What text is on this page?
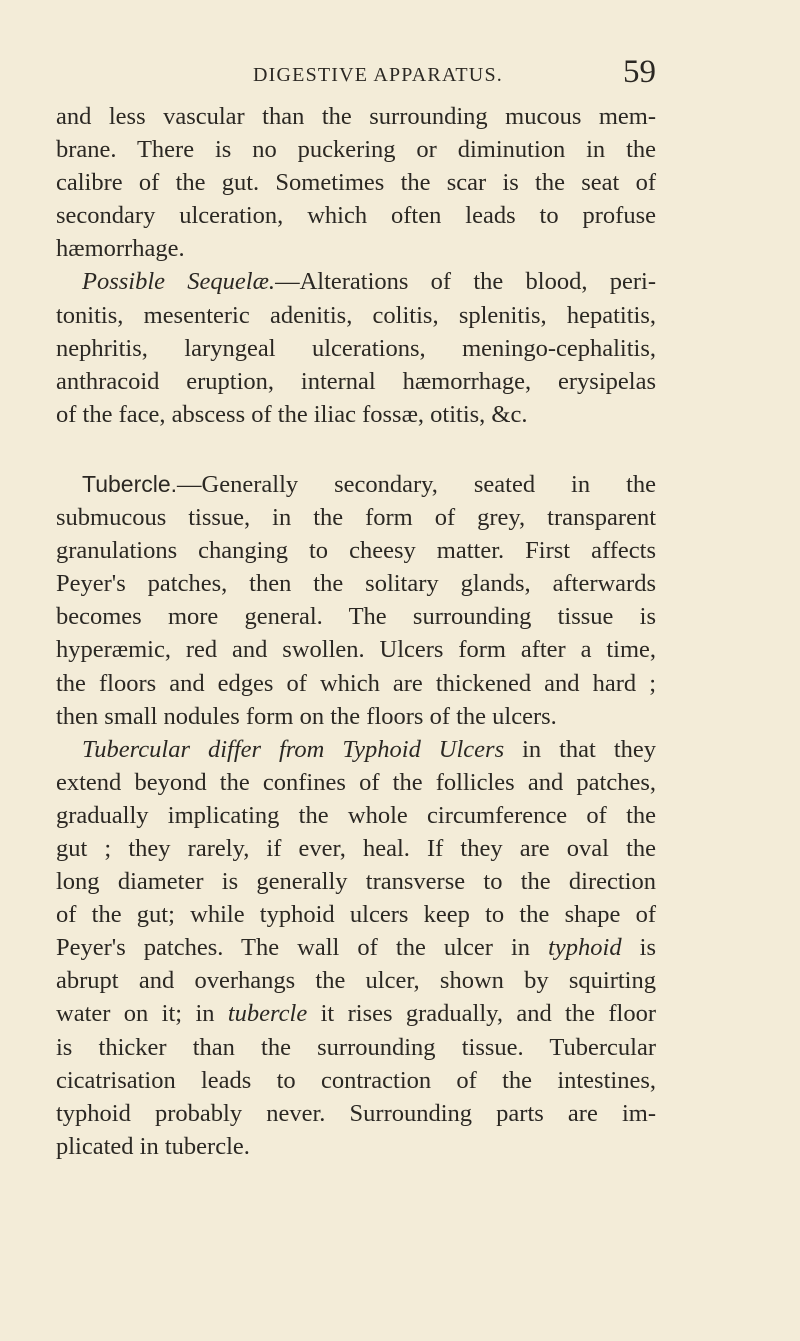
DIGESTIVE APPARATUS.	59
and less vascular than the surrounding mucous mem-
brane. There is no puckering or diminution in the
calibre of the gut. Sometimes the scar is the seat of
secondary ulceration, which often leads to profuse
hæmorrhage.
Possible Sequelæ.—Alterations of the blood, peri-
tonitis, mesenteric adenitis, colitis, splenitis, hepatitis,
nephritis, laryngeal ulcerations, meningo-cephalitis,
anthracoid eruption, internal hæmorrhage, erysipelas
of the face, abscess of the iliac fossæ, otitis, &c.
Tubercle.—Generally secondary, seated in the
submucous tissue, in the form of grey, transparent
granulations changing to cheesy matter. First affects
Peyer's patches, then the solitary glands, afterwards
becomes more general. The surrounding tissue is
hyperæmic, red and swollen. Ulcers form after a time,
the floors and edges of which are thickened and hard ;
then small nodules form on the floors of the ulcers.
Tubercular differ from Typhoid Ulcers in that they
extend beyond the confines of the follicles and patches,
gradually implicating the whole circumference of the
gut ; they rarely, if ever, heal. If they are oval the
long diameter is generally transverse to the direction
of the gut; while typhoid ulcers keep to the shape of
Peyer's patches. The wall of the ulcer in typhoid is
abrupt and overhangs the ulcer, shown by squirting
water on it; in tubercle it rises gradually, and the floor
is thicker than the surrounding tissue. Tubercular
cicatrisation leads to contraction of the intestines,
typhoid probably never. Surrounding parts are im-
plicated in tubercle.
